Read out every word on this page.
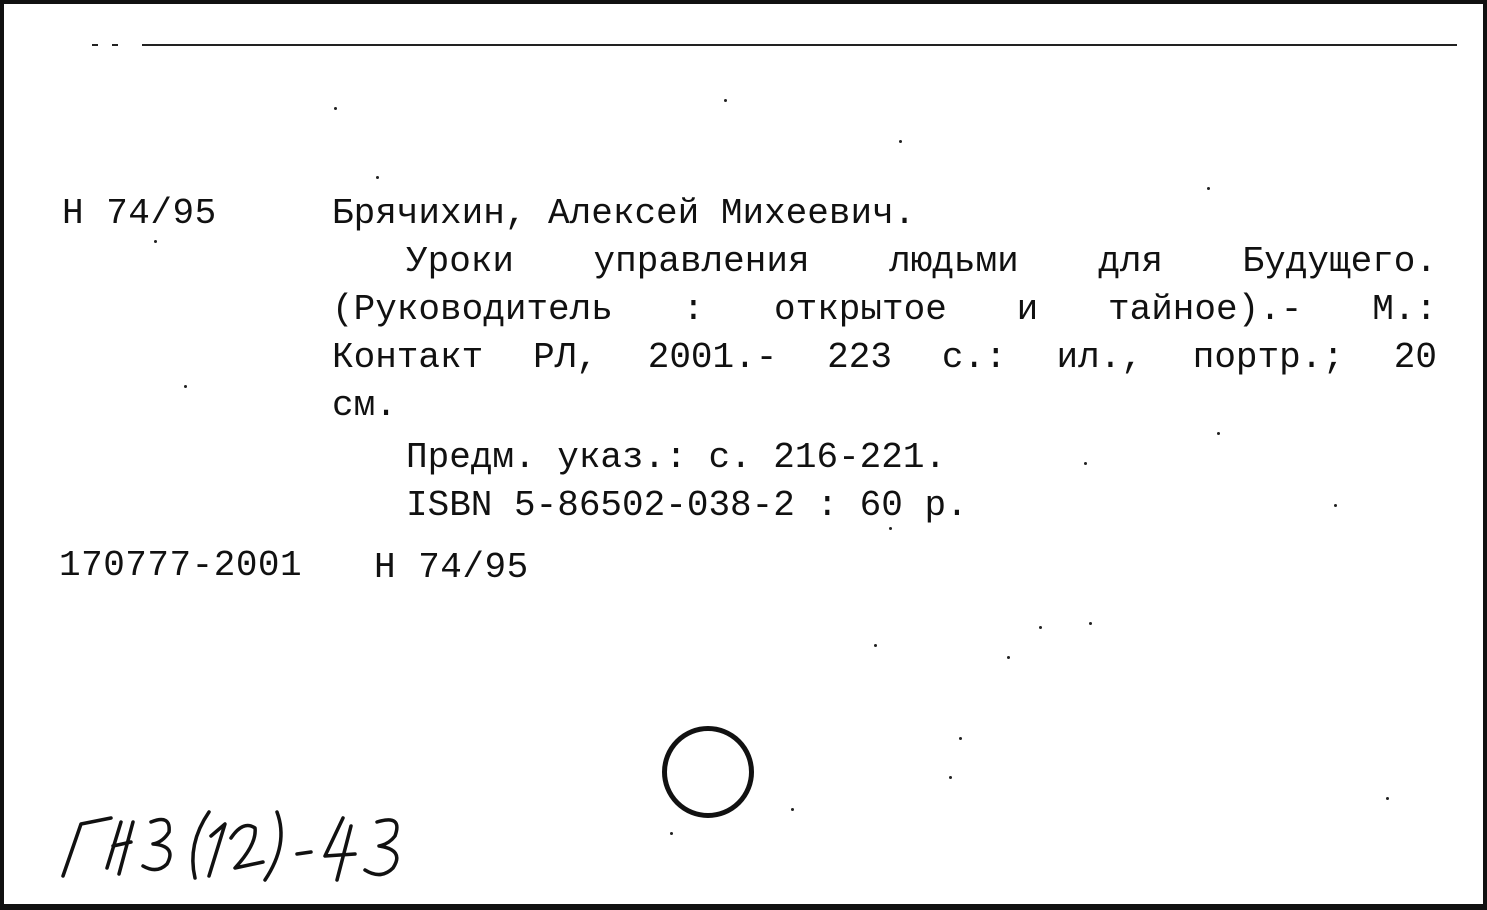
Н 74/95	Брячихин, Алексей Михеевич.
Уроки управления людьми для Будущего.
(Руководитель : открытое и тайное).- М.:
Контакт РЛ, 2001.- 223 с.: ил., портр.; 20
см.
Предм. указ.: с. 216-221.
ISBN 5-86502-038-2 : 60 р.
170777-2001 Н 74/95
